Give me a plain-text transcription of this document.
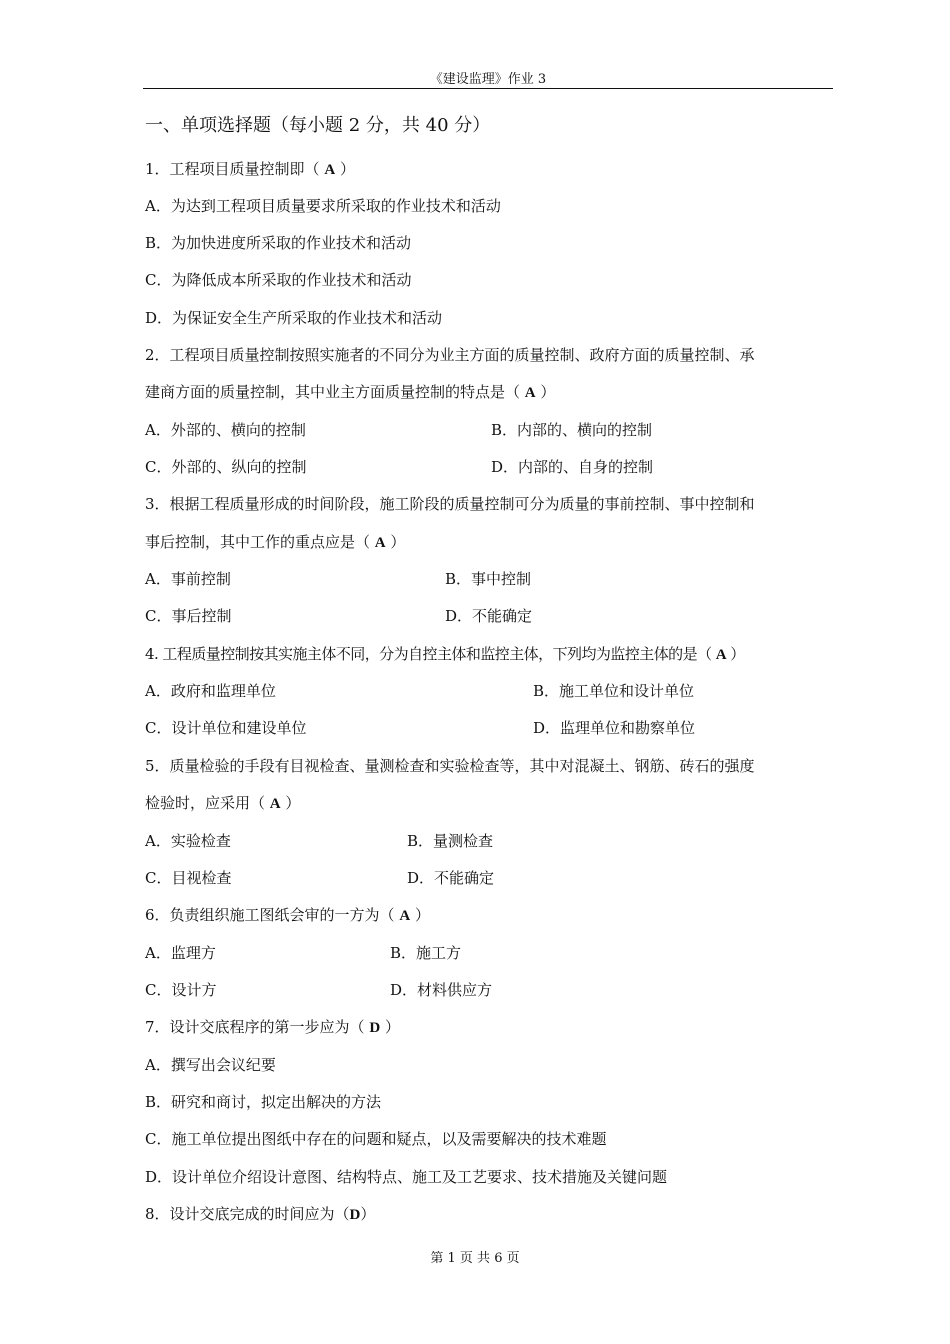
《建设监理》作业 3
一、单项选择题（每小题 2 分，共 40 分）
1．工程项目质量控制即（ A ）
A．为达到工程项目质量要求所采取的作业技术和活动
B．为加快进度所采取的作业技术和活动
C．为降低成本所采取的作业技术和活动
D．为保证安全生产所采取的作业技术和活动
2．工程项目质量控制按照实施者的不同分为业主方面的质量控制、政府方面的质量控制、承
建商方面的质量控制，其中业主方面质量控制的特点是（ A ）
A．外部的、横向的控制	B．内部的、横向的控制
C．外部的、纵向的控制	D．内部的、自身的控制
3．根据工程质量形成的时间阶段，施工阶段的质量控制可分为质量的事前控制、事中控制和
事后控制，其中工作的重点应是（ A ）
A．事前控制	B．事中控制
C．事后控制	D．不能确定
4. 工程质量控制按其实施主体不同，分为自控主体和监控主体，下列均为监控主体的是（ A ）
A．政府和监理单位	B．施工单位和设计单位
C．设计单位和建设单位	D．监理单位和勘察单位
5．质量检验的手段有目视检查、量测检查和实验检查等，其中对混凝土、钢筋、砖石的强度
检验时，应采用（ A ）
A．实验检查	B．量测检查
C．目视检查	D．不能确定
6．负责组织施工图纸会审的一方为（ A ）
A．监理方	B．施工方
C．设计方	D．材料供应方
7．设计交底程序的第一步应为（ D ）
A．撰写出会议纪要
B．研究和商讨，拟定出解决的方法
C．施工单位提出图纸中存在的问题和疑点，以及需要解决的技术难题
D．设计单位介绍设计意图、结构特点、施工及工艺要求、技术措施及关键问题
8．设计交底完成的时间应为（D）
第 1 页 共 6 页
